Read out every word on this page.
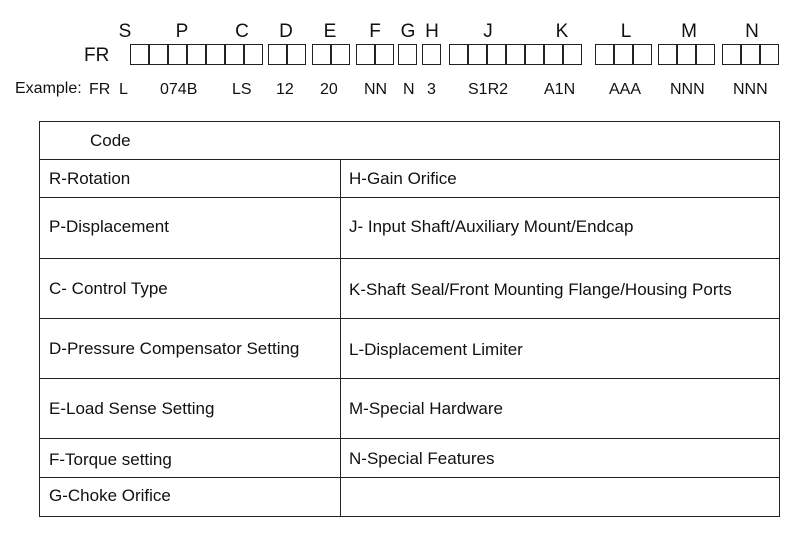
S P C D E	F	G H	J	K	L	M	N
FR
Example: FR L 074B LS 12 20 NN N 3 S1R2 A1N AAA NNN NNN
Code
R-Rotation	H-Gain Orifice
P-Displacement	J- Input Shaft/Auxiliary Mount/Endcap
C- Control Type	K-Shaft Seal/Front Mounting Flange/Housing Ports
D-Pressure Compensator Setting	L-Displacement Limiter
E-Load Sense Setting	M-Special Hardware
F-Torque setting	N-Special Features
G-Choke Orifice
